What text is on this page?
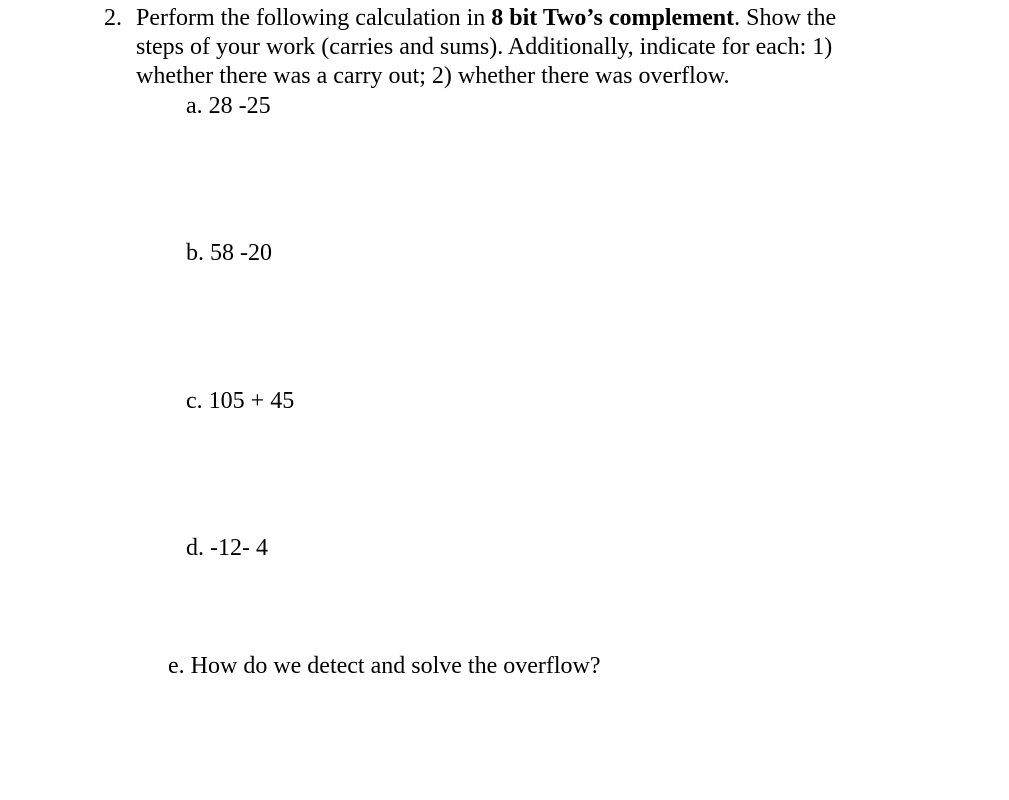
2. Perform the following calculation in 8 bit Two’s complement. Show the
steps of your work (carries and sums). Additionally, indicate for each: 1)
whether there was a carry out; 2) whether there was overflow.
a. 28 -25
b. 58 -20
c. 105 + 45
d. -12- 4
e. How do we detect and solve the overflow?
